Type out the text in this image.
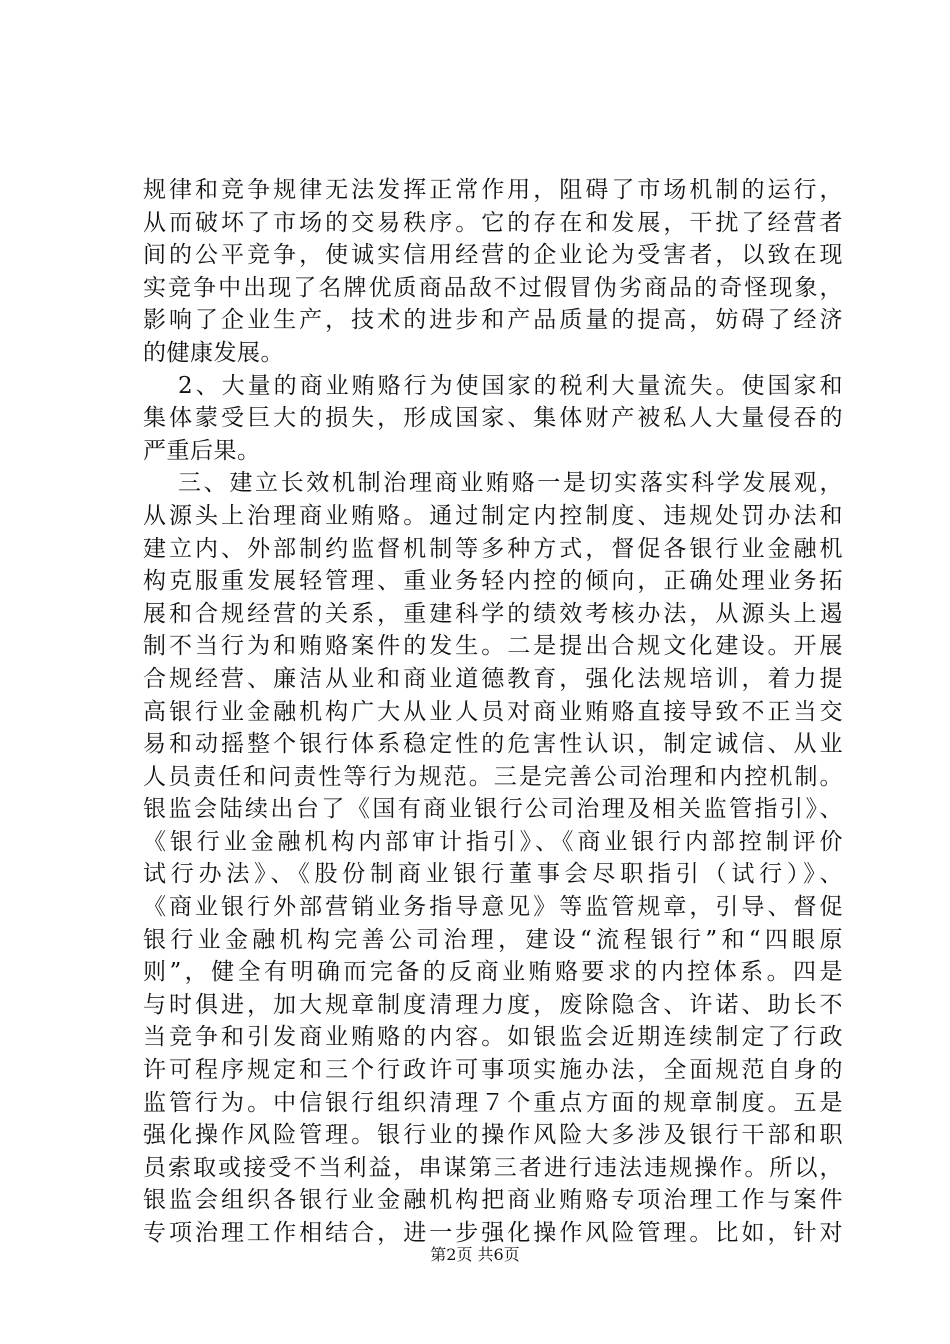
规律和竞争规律无法发挥正常作用，阻碍了市场机制的运行，
从而破坏了市场的交易秩序。它的存在和发展，干扰了经营者
间的公平竞争，使诚实信用经营的企业论为受害者，以致在现
实竞争中出现了名牌优质商品敌不过假冒伪劣商品的奇怪现象，
影响了企业生产，技术的进步和产品质量的提高，妨碍了经济
的健康发展。
2、大量的商业贿赂行为使国家的税利大量流失。使国家和
集体蒙受巨大的损失，形成国家、集体财产被私人大量侵吞的
严重后果。
三、建立长效机制治理商业贿赂一是切实落实科学发展观，
从源头上治理商业贿赂。通过制定内控制度、违规处罚办法和
建立内、外部制约监督机制等多种方式，督促各银行业金融机
构克服重发展轻管理、重业务轻内控的倾向，正确处理业务拓
展和合规经营的关系，重建科学的绩效考核办法，从源头上遏
制不当行为和贿赂案件的发生。二是提出合规文化建设。开展
合规经营、廉洁从业和商业道德教育，强化法规培训，着力提
高银行业金融机构广大从业人员对商业贿赂直接导致不正当交
易和动摇整个银行体系稳定性的危害性认识，制定诚信、从业
人员责任和问责性等行为规范。三是完善公司治理和内控机制。
银监会陆续出台了《国有商业银行公司治理及相关监管指引》、
《银行业金融机构内部审计指引》、《商业银行内部控制评价
试行办法》、《股份制商业银行董事会尽职指引（试行）》、
《商业银行外部营销业务指导意见》等监管规章，引导、督促
银行业金融机构完善公司治理，建设“流程银行”和“四眼原
则”，健全有明确而完备的反商业贿赂要求的内控体系。四是
与时俱进，加大规章制度清理力度，废除隐含、许诺、助长不
当竞争和引发商业贿赂的内容。如银监会近期连续制定了行政
许可程序规定和三个行政许可事项实施办法，全面规范自身的
监管行为。中信银行组织清理７个重点方面的规章制度。五是
强化操作风险管理。银行业的操作风险大多涉及银行干部和职
员索取或接受不当利益，串谋第三者进行违法违规操作。所以，
银监会组织各银行业金融机构把商业贿赂专项治理工作与案件
专项治理工作相结合，进一步强化操作风险管理。比如，针对
第2页 共6页
